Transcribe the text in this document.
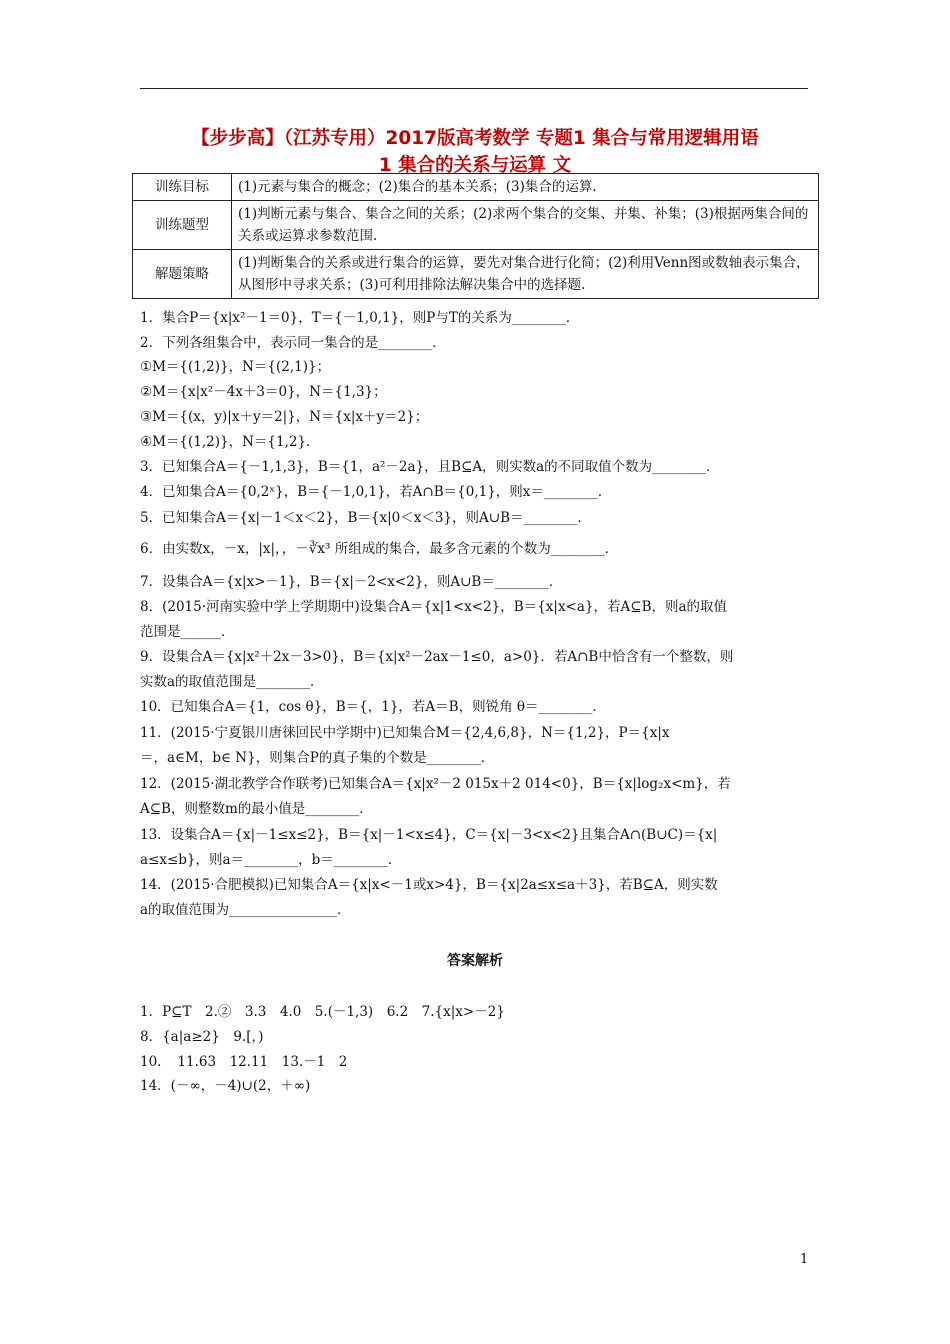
【步步高】（江苏专用）2017版高考数学 专题1 集合与常用逻辑用语
1 集合的关系与运算 文
训练目标	(1)元素与集合的概念；(2)集合的基本关系；(3)集合的运算.
训练题型	(1)判断元素与集合、集合之间的关系；(2)求两个集合的交集、并集、补集；(3)根据两集合间的关系或运算求参数范围.
解题策略	(1)判断集合的关系或进行集合的运算，要先对集合进行化简；(2)利用Venn图或数轴表示集合，从图形中寻求关系；(3)可利用排除法解决集合中的选择题.
1．集合P＝{x|x²－1＝0}，T＝{－1,0,1}，则P与T的关系为________．
2．下列各组集合中，表示同一集合的是________．
①M＝{(1,2)}，N＝{(2,1)}；
②M＝{x|x²－4x＋3＝0}，N＝{1,3}；
③M＝{(x，y)|x＋y＝2|}，N＝{x|x＋y＝2}；
④M＝{(1,2)}，N＝{1,2}．
3．已知集合A＝{－1,1,3}，B＝{1，a²－2a}，且B⊆A，则实数a的不同取值个数为________．
4．已知集合A＝{0,2ˣ}，B＝{－1,0,1}，若A∩B＝{0,1}，则x＝________．
5．已知集合A＝{x|－1＜x＜2}，B＝{x|0＜x＜3}，则A∪B＝________．
6．由实数x，－x，|x|，，－∛x³ 所组成的集合，最多含元素的个数为________．
7．设集合A＝{x|x>－1}，B＝{x|－2<x<2}，则A∪B＝________．
8．(2015·河南实验中学上学期期中)设集合A＝{x|1<x<2}，B＝{x|x<a}，若A⊆B，则a的取值
范围是______．
9．设集合A＝{x|x²＋2x－3>0}，B＝{x|x²－2ax－1≤0，a>0}．若A∩B中恰含有一个整数，则
实数a的取值范围是________．
10．已知集合A＝{1，cos θ}，B＝{，1}，若A＝B，则锐角 θ＝________．
11．(2015·宁夏银川唐徕回民中学期中)已知集合M＝{2,4,6,8}，N＝{1,2}，P＝{x|x
＝，a∈M，b∈ N}，则集合P的真子集的个数是________．
12．(2015·湖北教学合作联考)已知集合A＝{x|x²－2 015x＋2 014<0}，B＝{x|log₂x<m}，若
A⊆B，则整数m的最小值是________．
13．设集合A＝{x|－1≤x≤2}，B＝{x|－1<x≤4}，C＝{x|－3<x<2}且集合A∩(B∪C)＝{x|
a≤x≤b}，则a＝________，b＝________．
14．(2015·合肥模拟)已知集合A＝{x|x<－1或x>4}，B＝{x|2a≤x≤a＋3}，若B⊆A，则实数
a的取值范围为________________．
答案解析
1．P⊆T　2.②　3.3　4.0　5.(－1,3)　6.2　7.{x|x>－2}
8．{a|a≥2}　9.[，)
10．　11.63　12.11　13.－1　2
14．(－∞，－4)∪(2，＋∞)
1
